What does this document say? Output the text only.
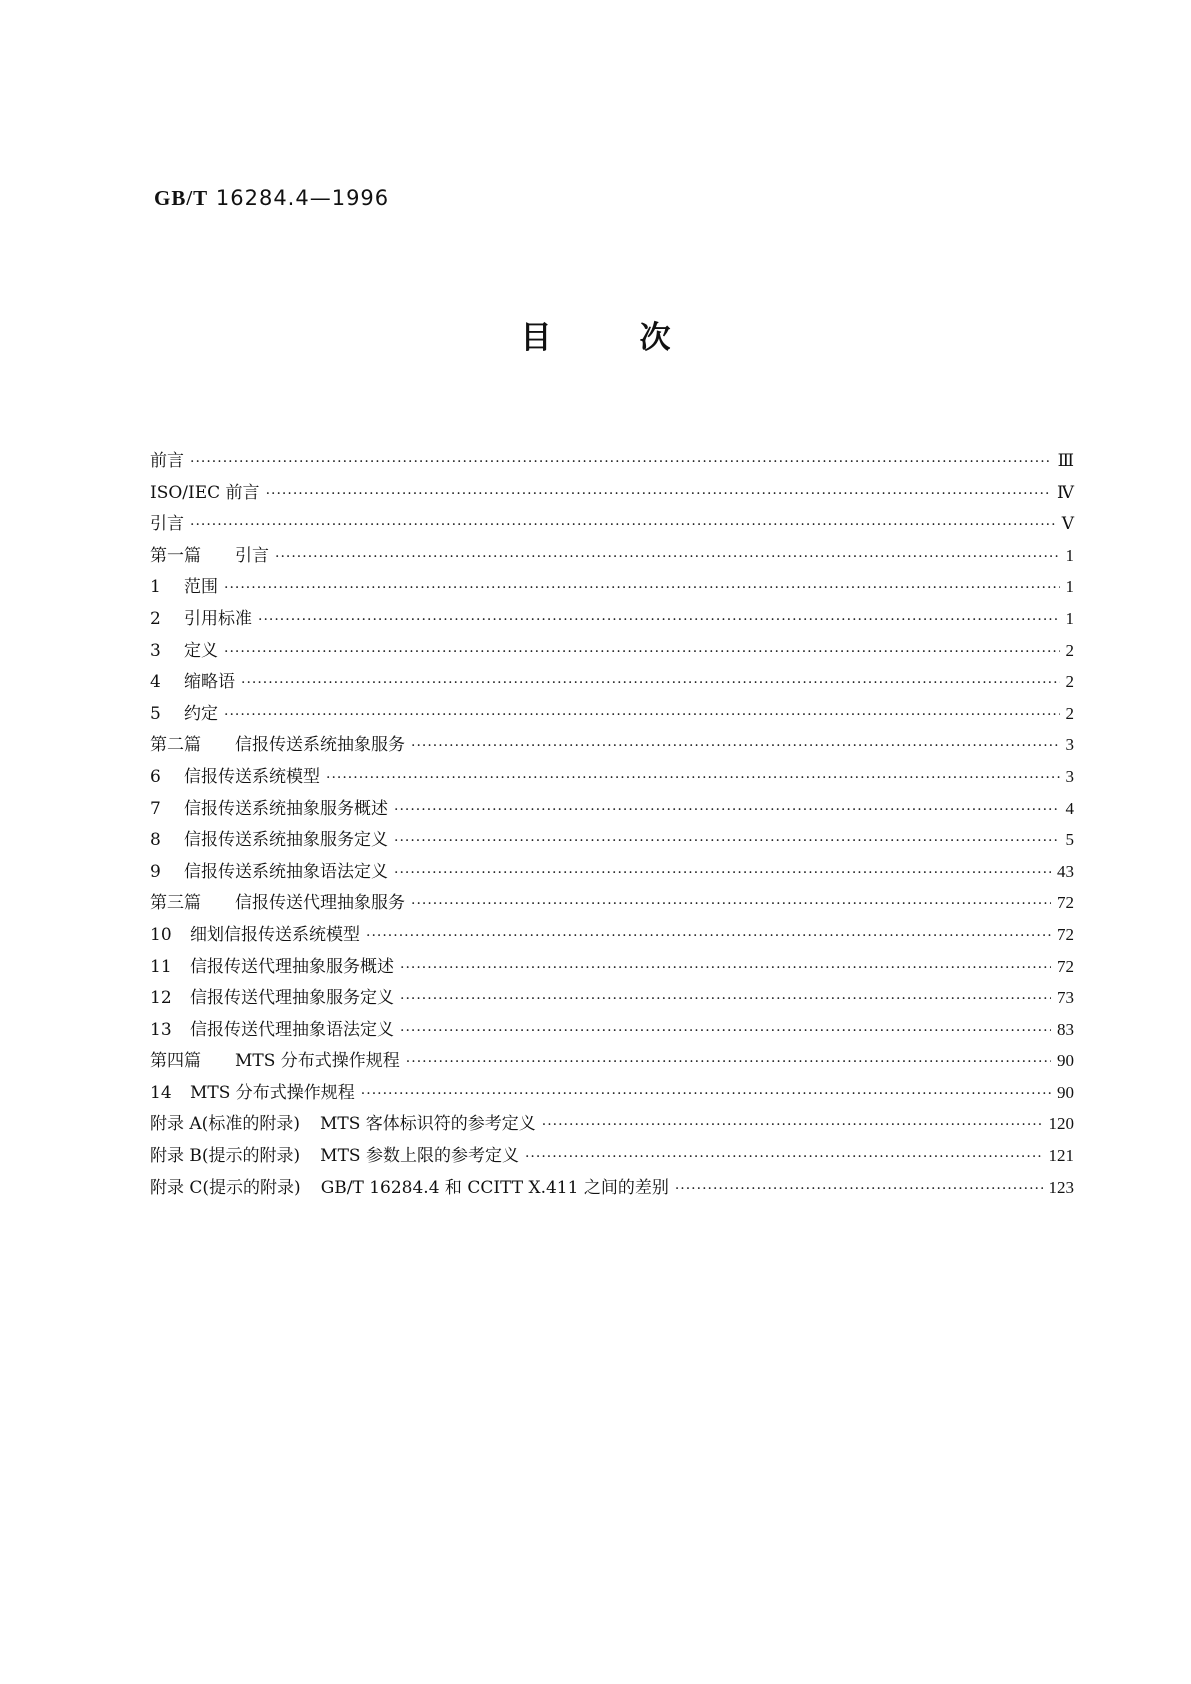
GB/T 16284.4—1996
目次
前言 ·····	Ⅲ
ISO/IEC 前言 ·····	Ⅳ
引言 ·····	Ⅴ
第一篇 引言 ·····	1
1 范围 ·····	1
2 引用标准 ·····	1
3 定义 ·····	2
4 缩略语 ·····	2
5 约定 ·····	2
第二篇 信报传送系统抽象服务 ·····	3
6 信报传送系统模型 ·····	3
7 信报传送系统抽象服务概述 ·····	4
8 信报传送系统抽象服务定义 ·····	5
9 信报传送系统抽象语法定义 ·····	43
第三篇 信报传送代理抽象服务 ·····	72
10 细划信报传送系统模型 ·····	72
11 信报传送代理抽象服务概述 ·····	72
12 信报传送代理抽象服务定义 ·····	73
13 信报传送代理抽象语法定义 ·····	83
第四篇 MTS 分布式操作规程 ·····	90
14 MTS 分布式操作规程 ·····	90
附录 A(标准的附录) MTS 客体标识符的参考定义 ·····	120
附录 B(提示的附录) MTS 参数上限的参考定义 ·····	121
附录 C(提示的附录) GB/T 16284.4 和 CCITT X.411 之间的差别 ·····	123
